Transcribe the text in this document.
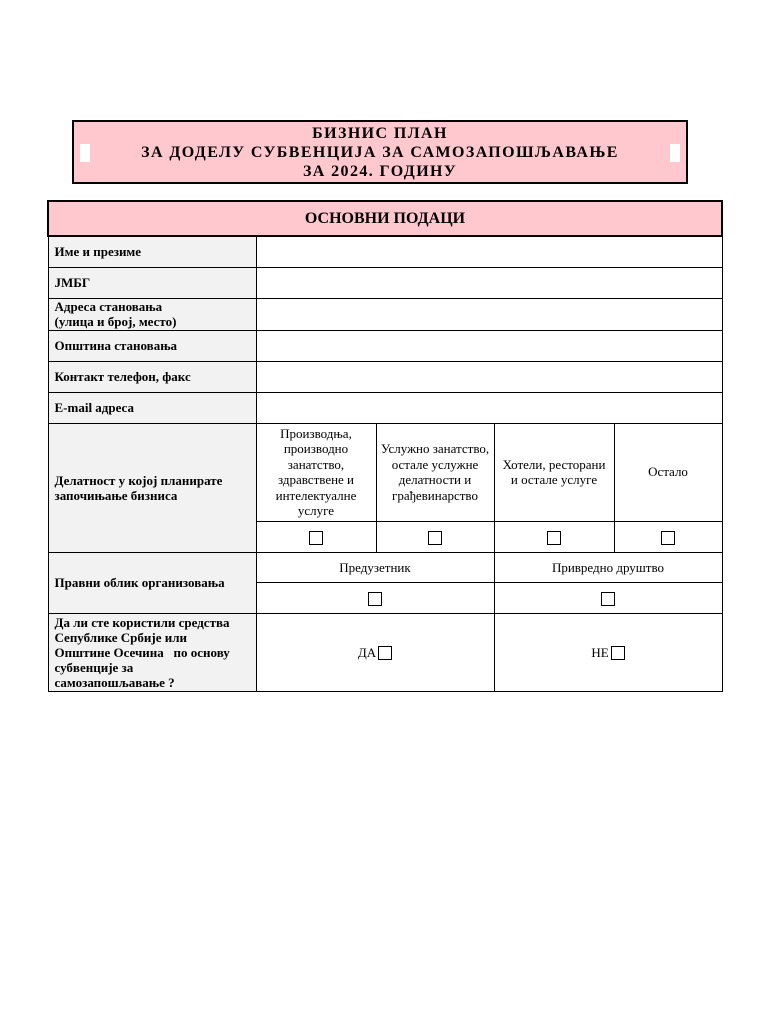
БИЗНИС ПЛАН
ЗА ДОДЕЛУ СУБВЕНЦИЈА ЗА САМОЗАПОШЉАВАЊЕ
ЗА 2024. ГОДИНУ
ОСНОВНИ ПОДАЦИ				
Име и презиме				
ЈМБГ				

Адреса становања
(улица и број, место)				

Општина становања				
Контакт телефон, факс				
E-mail адреса				

Делатност у којој планирате
започињање бизниса	Производња, производно занатство, здравствене и интелектуалне услуге	Услужно занатство, остале услужне делатности и грађевинарство	Хотели, ресторани и остале услуге	Остало

Правни облик организовања	Предузетник		Привредно друштво	

Да ли сте користили средства
Сепублике Србије или
Општине Осечина   по основу
субвенције за
самозапошљавање ?	ДА		НЕ	
